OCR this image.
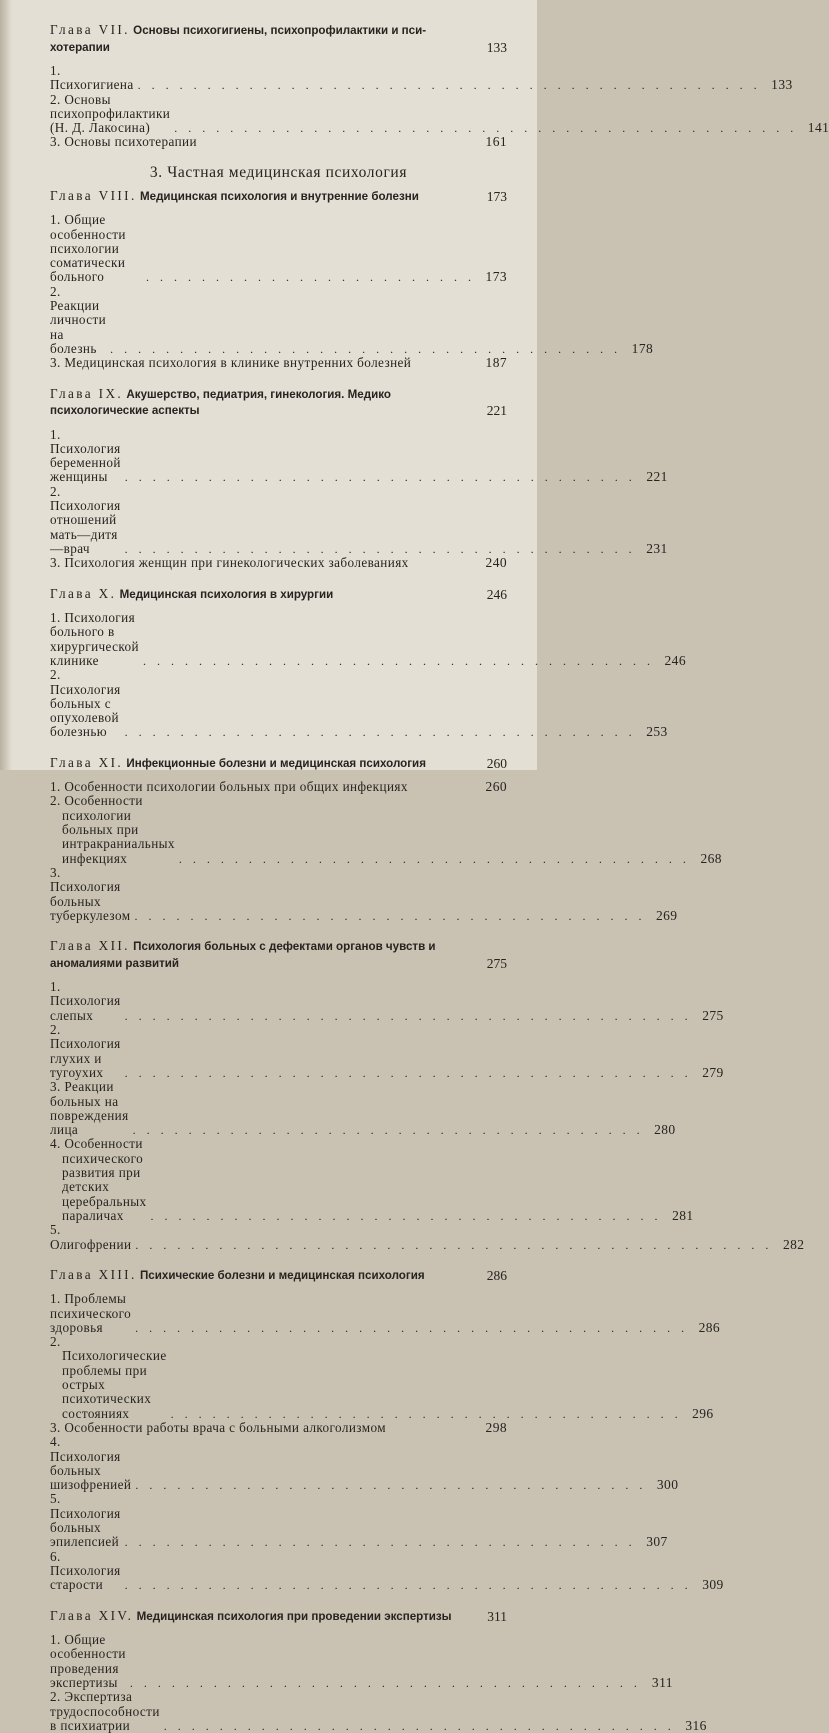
Глава VII. Основы психогигиены, психопрофилактики и пси-хотерапии	133
1. Психогигиена . . . . . . . . . . . . . . . . . . . . . . . . . . . . . . . . . . . . . . . . . . . . . 133
2. Основы психопрофилактики (Н. Д. Лакосина)	. . . . . . . . . . . . . . . . . . . . . . . . . . . . . . . . . . . . . . . . . . . . . 141
3. Основы психотерапии	161
3. Частная медицинская психология
Глава VIII. Медицинская психология и внутренние болезни	173
1. Общие особенности психологии соматически больного	. . . . . . . . . . . . . . . . . . . . . . . . 173
2. Реакции личности на болезнь	. . . . . . . . . . . . . . . . . . . . . . . . . . . . . . . . . . . . . 178
3. Медицинская психология в клинике внутренних болезней	187
Глава IX. Акушерство, педиатрия, гинекология. Медико психологические аспекты	221
1. Психология беременной женщины	. . . . . . . . . . . . . . . . . . . . . . . . . . . . . . . . . . . . . 221
2. Психология отношений мать—дитя—врач	. . . . . . . . . . . . . . . . . . . . . . . . . . . . . . . . . . . . . 231
3. Психология женщин при гинекологических заболеваниях	240
Глава X. Медицинская психология в хирургии	246
1. Психология больного в хирургической клинике	. . . . . . . . . . . . . . . . . . . . . . . . . . . . . . . . . . . . . 246
2. Психология больных с опухолевой болезнью	. . . . . . . . . . . . . . . . . . . . . . . . . . . . . . . . . . . . . 253
Глава XI. Инфекционные болезни и медицинская психология	260
1. Особенности психологии больных при общих инфекциях	260
2. Особенности психологии больных при интракраниальных инфекциях	. . . . . . . . . . . . . . . . . . . . . . . . . . . . . . . . . . . . . 268
3. Психология больных туберкулезом . . . . . . . . . . . . . . . . . . . . . . . . . . . . . . . . . . . . . 269
Глава XII. Психология больных с дефектами органов чувств и аномалиями развитий	275
1. Психология слепых	. . . . . . . . . . . . . . . . . . . . . . . . . . . . . . . . . . . . . . . . . 275
2. Психология глухих и тугоухих	. . . . . . . . . . . . . . . . . . . . . . . . . . . . . . . . . . . . . . . . . 279
3. Реакции больных на повреждения лица	. . . . . . . . . . . . . . . . . . . . . . . . . . . . . . . . . . . . . 280
4. Особенности психического развития при детских церебральных параличах	. . . . . . . . . . . . . . . . . . . . . . . . . . . . . . . . . . . . . 281
5. Олигофрении . . . . . . . . . . . . . . . . . . . . . . . . . . . . . . . . . . . . . . . . . . . . . . 282
Глава XIII. Психические болезни и медицинская психология	286
1. Проблемы психического здоровья	. . . . . . . . . . . . . . . . . . . . . . . . . . . . . . . . . . . . . . . . 286
2. Психологические проблемы при острых психотических состояниях	. . . . . . . . . . . . . . . . . . . . . . . . . . . . . . . . . . . . . 296
3. Особенности работы врача с больными алкоголизмом	298
4. Психология больных шизофренией . . . . . . . . . . . . . . . . . . . . . . . . . . . . . . . . . . . . . 300
5. Психология больных эпилепсией . . . . . . . . . . . . . . . . . . . . . . . . . . . . . . . . . . . . . 307
6. Психология старости	. . . . . . . . . . . . . . . . . . . . . . . . . . . . . . . . . . . . . . . . . 309
Глава XIV. Медицинская психология при проведении экспертизы	311
1. Общие особенности проведения экспертизы	. . . . . . . . . . . . . . . . . . . . . . . . . . . . . . . . . . . . . 311
2. Экспертиза трудоспособности в психиатрии	. . . . . . . . . . . . . . . . . . . . . . . . . . . . . . . . . . . . . 316
